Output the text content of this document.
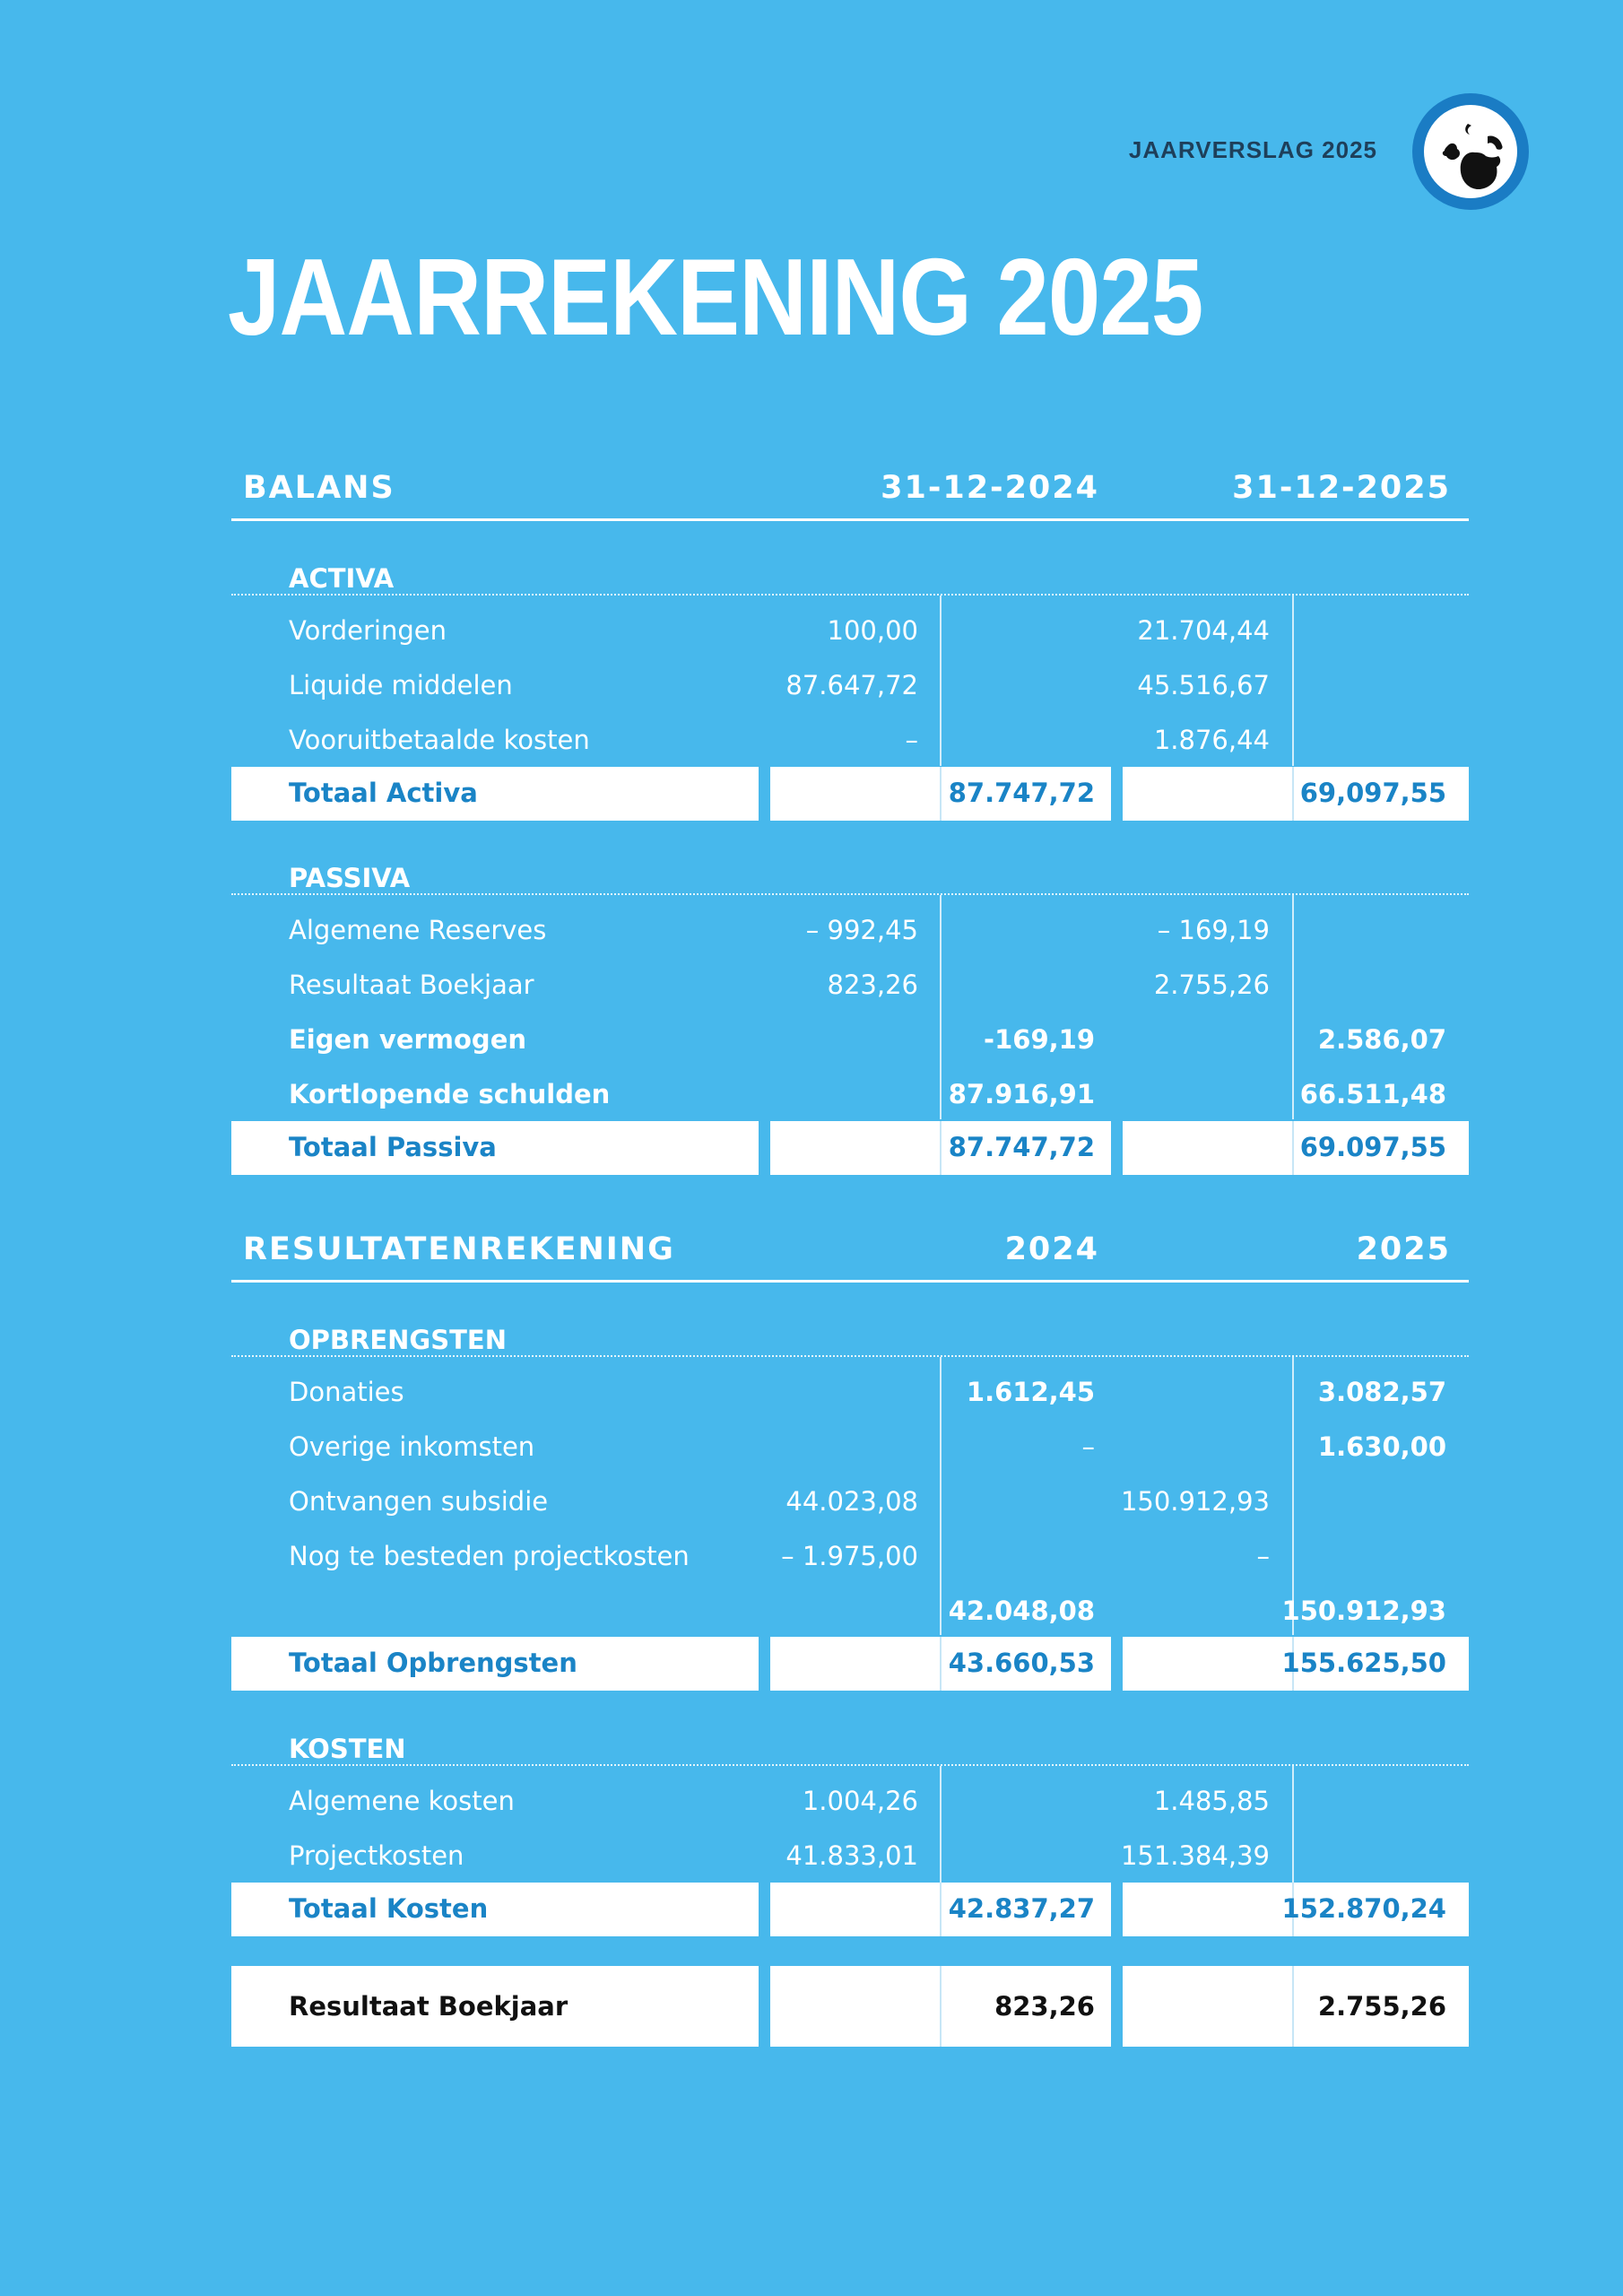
JAARVERSLAG 2025
JAARREKENING 2025
BALANS	31-12-2024	31-12-2025
ACTIVA
Vorderingen	100,00	21.704,44
Liquide middelen	87.647,72	45.516,67
Vooruitbetaalde kosten	–	1.876,44
Totaal Activa	87.747,72	69,097,55
PASSIVA
Algemene Reserves	– 992,45	– 169,19
Resultaat Boekjaar	823,26	2.755,26
Eigen vermogen	-169,19	2.586,07
Kortlopende schulden	87.916,91	66.511,48
Totaal Passiva	87.747,72	69.097,55
RESULTATENREKENING	2024	2025
OPBRENGSTEN
Donaties	1.612,45	3.082,57
Overige inkomsten	–	1.630,00
Ontvangen subsidie	44.023,08	150.912,93
Nog te besteden projectkosten	– 1.975,00	–
42.048,08	150.912,93
Totaal Opbrengsten	43.660,53	155.625,50
KOSTEN
Algemene kosten	1.004,26	1.485,85
Projectkosten	41.833,01	151.384,39
Totaal Kosten	42.837,27	152.870,24
Resultaat Boekjaar	823,26	2.755,26
